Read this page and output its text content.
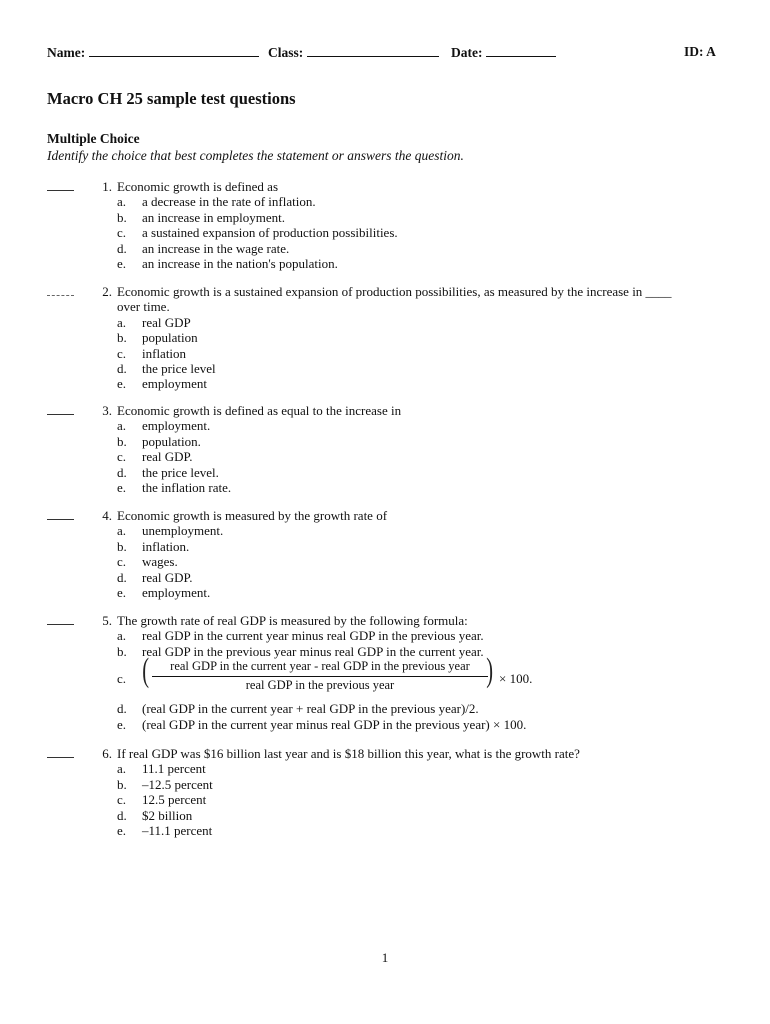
Name:	Class:	Date:	ID: A
Macro CH 25 sample test questions
Multiple Choice
Identify the choice that best completes the statement or answers the question.
1. Economic growth is defined as
a.	a decrease in the rate of inflation.
b.	an increase in employment.
c.	a sustained expansion of production possibilities.
d.	an increase in the wage rate.
e.	an increase in the nation's population.
2. Economic growth is a sustained expansion of production possibilities, as measured by the increase in ____ over time.
a.	real GDP
b.	population
c.	inflation
d.	the price level
e.	employment
3. Economic growth is defined as equal to the increase in
a.	employment.
b.	population.
c.	real GDP.
d.	the price level.
e.	the inflation rate.
4. Economic growth is measured by the growth rate of
a.	unemployment.
b.	inflation.
c.	wages.
d.	real GDP.
e.	employment.
5. The growth rate of real GDP is measured by the following formula:
a.	real GDP in the current year minus real GDP in the previous year.
b.	real GDP in the previous year minus real GDP in the current year.
c. (	real GDP in the current year - real GDP in the previous year
real GDP in the previous year	) × 100.
d.	(real GDP in the current year + real GDP in the previous year)/2.
e.	(real GDP in the current year minus real GDP in the previous year) × 100.
6. If real GDP was $16 billion last year and is $18 billion this year, what is the growth rate?
a.	11.1 percent
b.	–12.5 percent
c.	12.5 percent
d.	$2 billion
e.	–11.1 percent
1
